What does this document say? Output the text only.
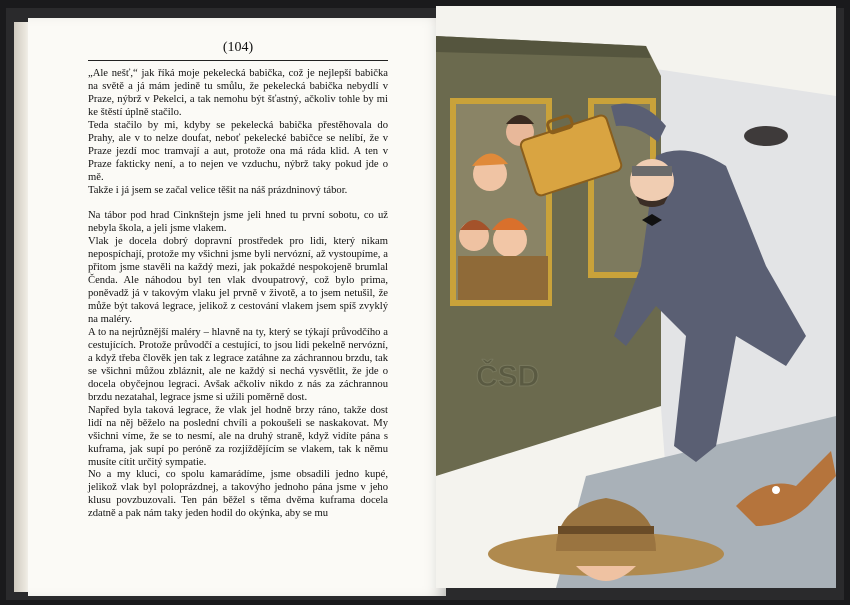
(104)

„Ale nešť,“ jak říká moje pekelecká babička, což je nejlepší babička na světě a já mám jedině tu smůlu, že pekelecká babička nebydlí v Praze, nýbrž v Pekelci, a tak nemohu být šťastný, ačkoliv tohle by mi ke štěstí úplně stačilo.

Teda stačilo by mi, kdyby se pekelecká babička přestěhovala do Prahy, ale v to nelze doufat, neboť pekelecké babičce se nelíbí, že v Praze jezdí moc tramvají a aut, protože ona má ráda klid. A ten v Praze fakticky není, a to nejen ve vzduchu, nýbrž taky pokud jde o mě.

Takže i já jsem se začal velice těšit na náš prázdninový tábor.

Na tábor pod hrad Cinknštejn jsme jeli hned tu první sobotu, co už nebyla škola, a jeli jsme vlakem.

Vlak je docela dobrý dopravní prostředek pro lidi, který nikam nepospíchají, protože my všichni jsme byli nervózní, až vystoupíme, a přitom jsme stavěli na každý mezi, jak pokaždé nespokojeně brumlal Čenda. Ale náhodou byl ten vlak dvoupatrový, což bylo prima, poněvadž já v takovým vlaku jel prvně v životě, a to jsem netušil, že může být taková legrace, jelikož z cestování vlakem jsem spíš zvyklý na maléry.

A to na nejrůznější maléry – hlavně na ty, který se týkají průvodčího a cestujících. Protože průvodčí a cestující, to jsou lidi pekelně nervózní, a když třeba člověk jen tak z legrace zatáhne za záchrannou brzdu, tak se všichni můžou zbláznit, ale ne každý si nechá vysvětlit, že jde o docela obyčejnou legraci. Avšak ačkoliv nikdo z nás za záchrannou brzdu nezatahal, legrace jsme si užili poměrně dost.

Napřed byla taková legrace, že vlak jel hodně brzy ráno, takže dost lidí na něj běželo na poslední chvíli a pokoušeli se naskakovat. My všichni víme, že se to nesmí, ale na druhý straně, když vidíte pána s kuframa, jak supí po peróně za rozjíždějícím se vlakem, tak k němu musíte cítit určitý sympatie.

No a my kluci, co spolu kamarádíme, jsme obsadili jedno kupé, jelikož vlak byl poloprázdnej, a takovýho jednoho pána jsme v jeho klusu povzbuzovali. Ten pán běžel s těma dvěma kuframa docela zdatně a pak nám taky jeden hodil do okýnka, aby se mu

ČSD
